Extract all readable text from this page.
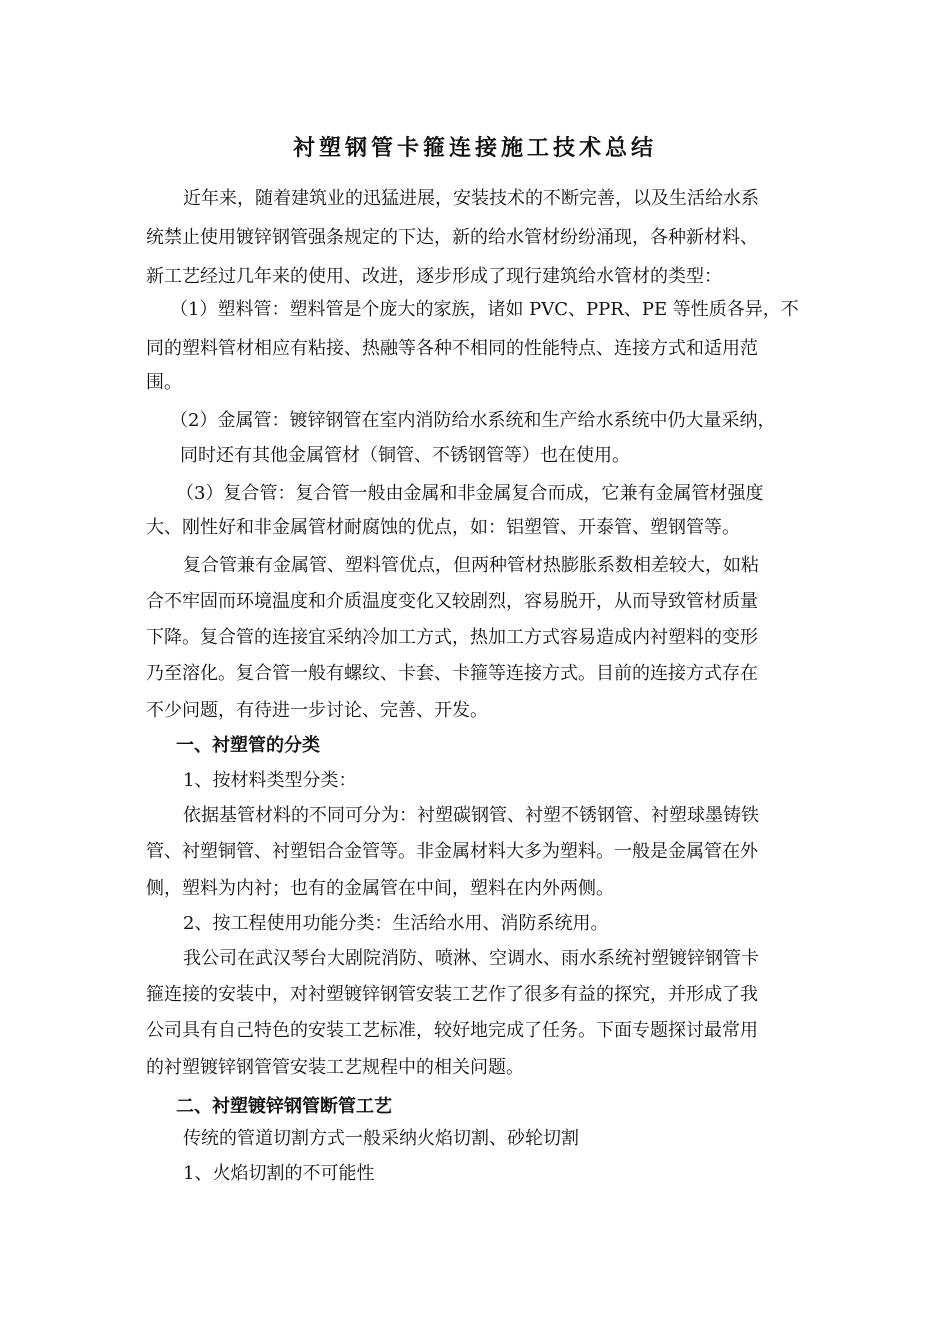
衬塑钢管卡箍连接施工技术总结
近年来，随着建筑业的迅猛进展，安装技术的不断完善，以及生活给水系
统禁止使用镀锌钢管强条规定的下达，新的给水管材纷纷涌现，各种新材料、
新工艺经过几年来的使用、改进，逐步形成了现行建筑给水管材的类型：
（1）塑料管：塑料管是个庞大的家族，诸如 PVC、PPR、PE 等性质各异，不
同的塑料管材相应有粘接、热融等各种不相同的性能特点、连接方式和适用范
围。
（2）金属管：镀锌钢管在室内消防给水系统和生产给水系统中仍大量采纳，
同时还有其他金属管材（铜管、不锈钢管等）也在使用。
（3）复合管：复合管一般由金属和非金属复合而成，它兼有金属管材强度
大、刚性好和非金属管材耐腐蚀的优点，如：铝塑管、开泰管、塑钢管等。
复合管兼有金属管、塑料管优点，但两种管材热膨胀系数相差较大，如粘
合不牢固而环境温度和介质温度变化又较剧烈，容易脱开，从而导致管材质量
下降。复合管的连接宜采纳冷加工方式，热加工方式容易造成内衬塑料的变形
乃至溶化。复合管一般有螺纹、卡套、卡箍等连接方式。目前的连接方式存在
不少问题，有待进一步讨论、完善、开发。
一、衬塑管的分类
1、按材料类型分类：
依据基管材料的不同可分为：衬塑碳钢管、衬塑不锈钢管、衬塑球墨铸铁
管、衬塑铜管、衬塑铝合金管等。非金属材料大多为塑料。一般是金属管在外
侧，塑料为内衬；也有的金属管在中间，塑料在内外两侧。
2、按工程使用功能分类：生活给水用、消防系统用。
我公司在武汉琴台大剧院消防、喷淋、空调水、雨水系统衬塑镀锌钢管卡
箍连接的安装中，对衬塑镀锌钢管安装工艺作了很多有益的探究，并形成了我
公司具有自己特色的安装工艺标准，较好地完成了任务。下面专题探讨最常用
的衬塑镀锌钢管管安装工艺规程中的相关问题。
二、衬塑镀锌钢管断管工艺
传统的管道切割方式一般采纳火焰切割、砂轮切割
1、火焰切割的不可能性
